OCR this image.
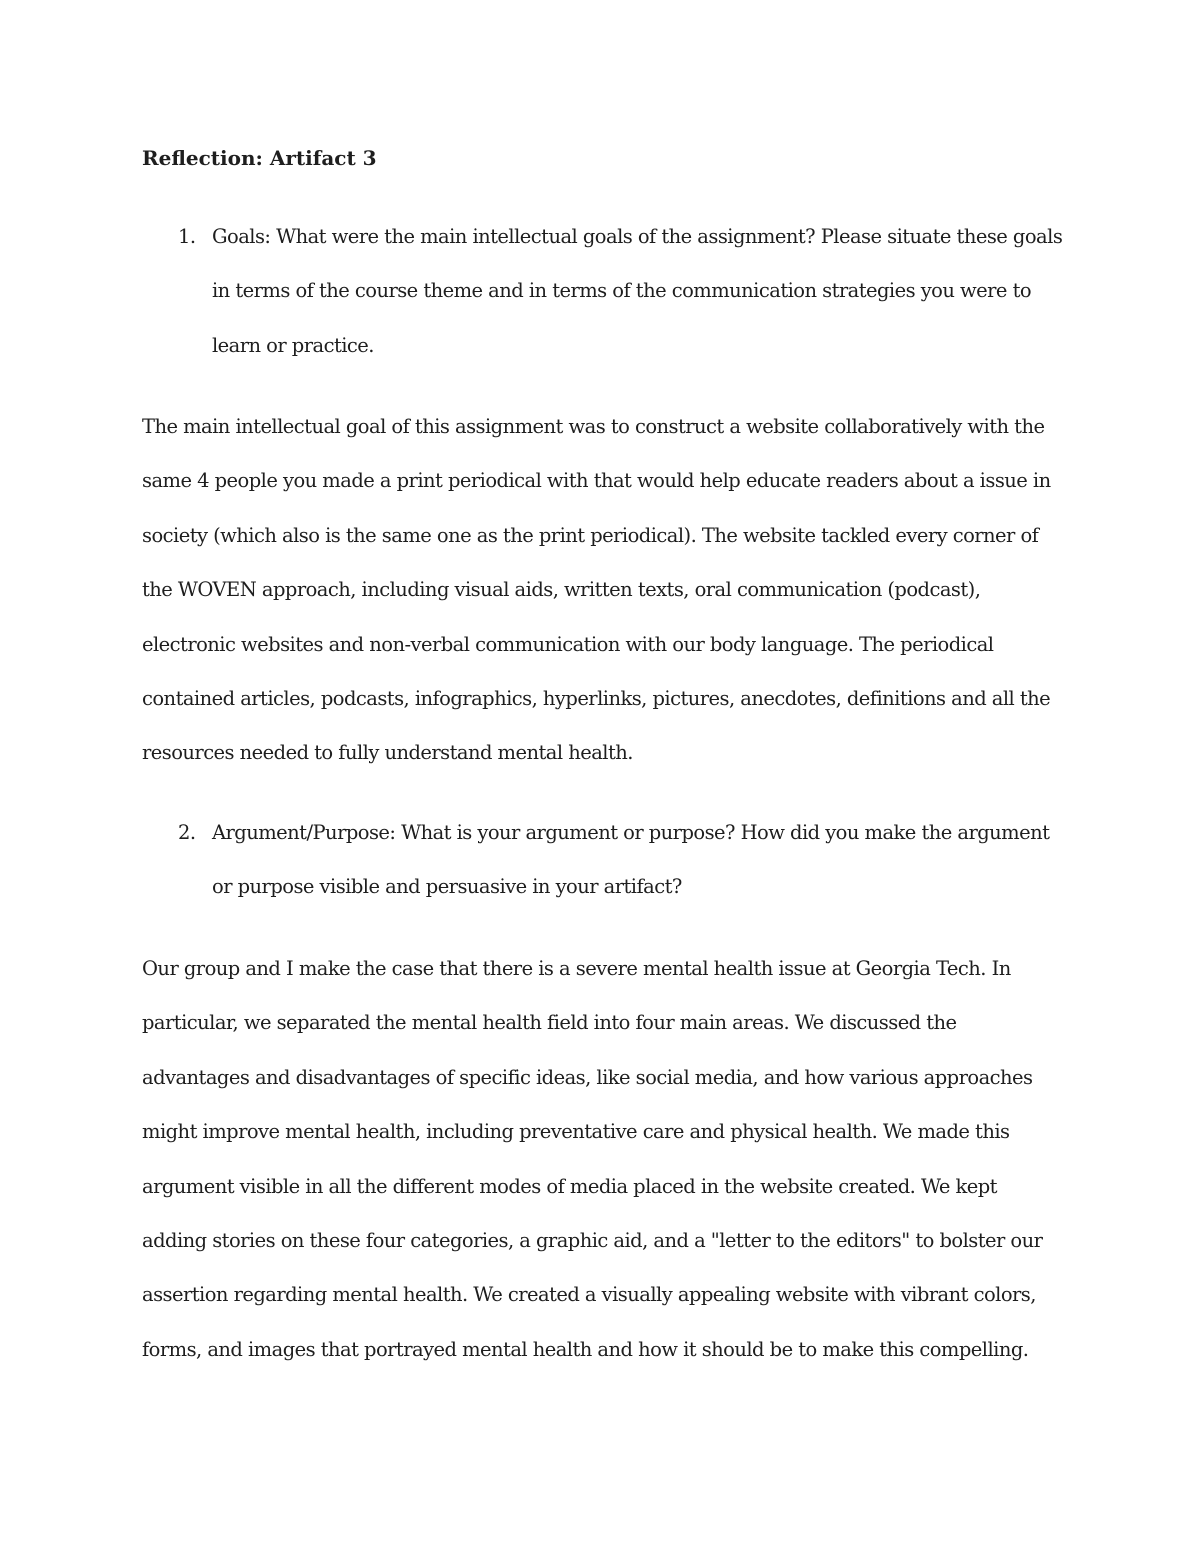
Reflection: Artifact 3
1. Goals: What were the main intellectual goals of the assignment? Please situate these goals in terms of the course theme and in terms of the communication strategies you were to learn or practice.
The main intellectual goal of this assignment was to construct a website collaboratively with the same 4 people you made a print periodical with that would help educate readers about a issue in society (which also is the same one as the print periodical). The website tackled every corner of the WOVEN approach, including visual aids, written texts, oral communication (podcast), electronic websites and non-verbal communication with our body language. The periodical contained articles, podcasts, infographics, hyperlinks, pictures, anecdotes, definitions and all the resources needed to fully understand mental health.
2. Argument/Purpose: What is your argument or purpose? How did you make the argument or purpose visible and persuasive in your artifact?
Our group and I make the case that there is a severe mental health issue at Georgia Tech. In particular, we separated the mental health field into four main areas. We discussed the advantages and disadvantages of specific ideas, like social media, and how various approaches might improve mental health, including preventative care and physical health. We made this argument visible in all the different modes of media placed in the website created. We kept adding stories on these four categories, a graphic aid, and a "letter to the editors" to bolster our assertion regarding mental health. We created a visually appealing website with vibrant colors, forms, and images that portrayed mental health and how it should be to make this compelling.
